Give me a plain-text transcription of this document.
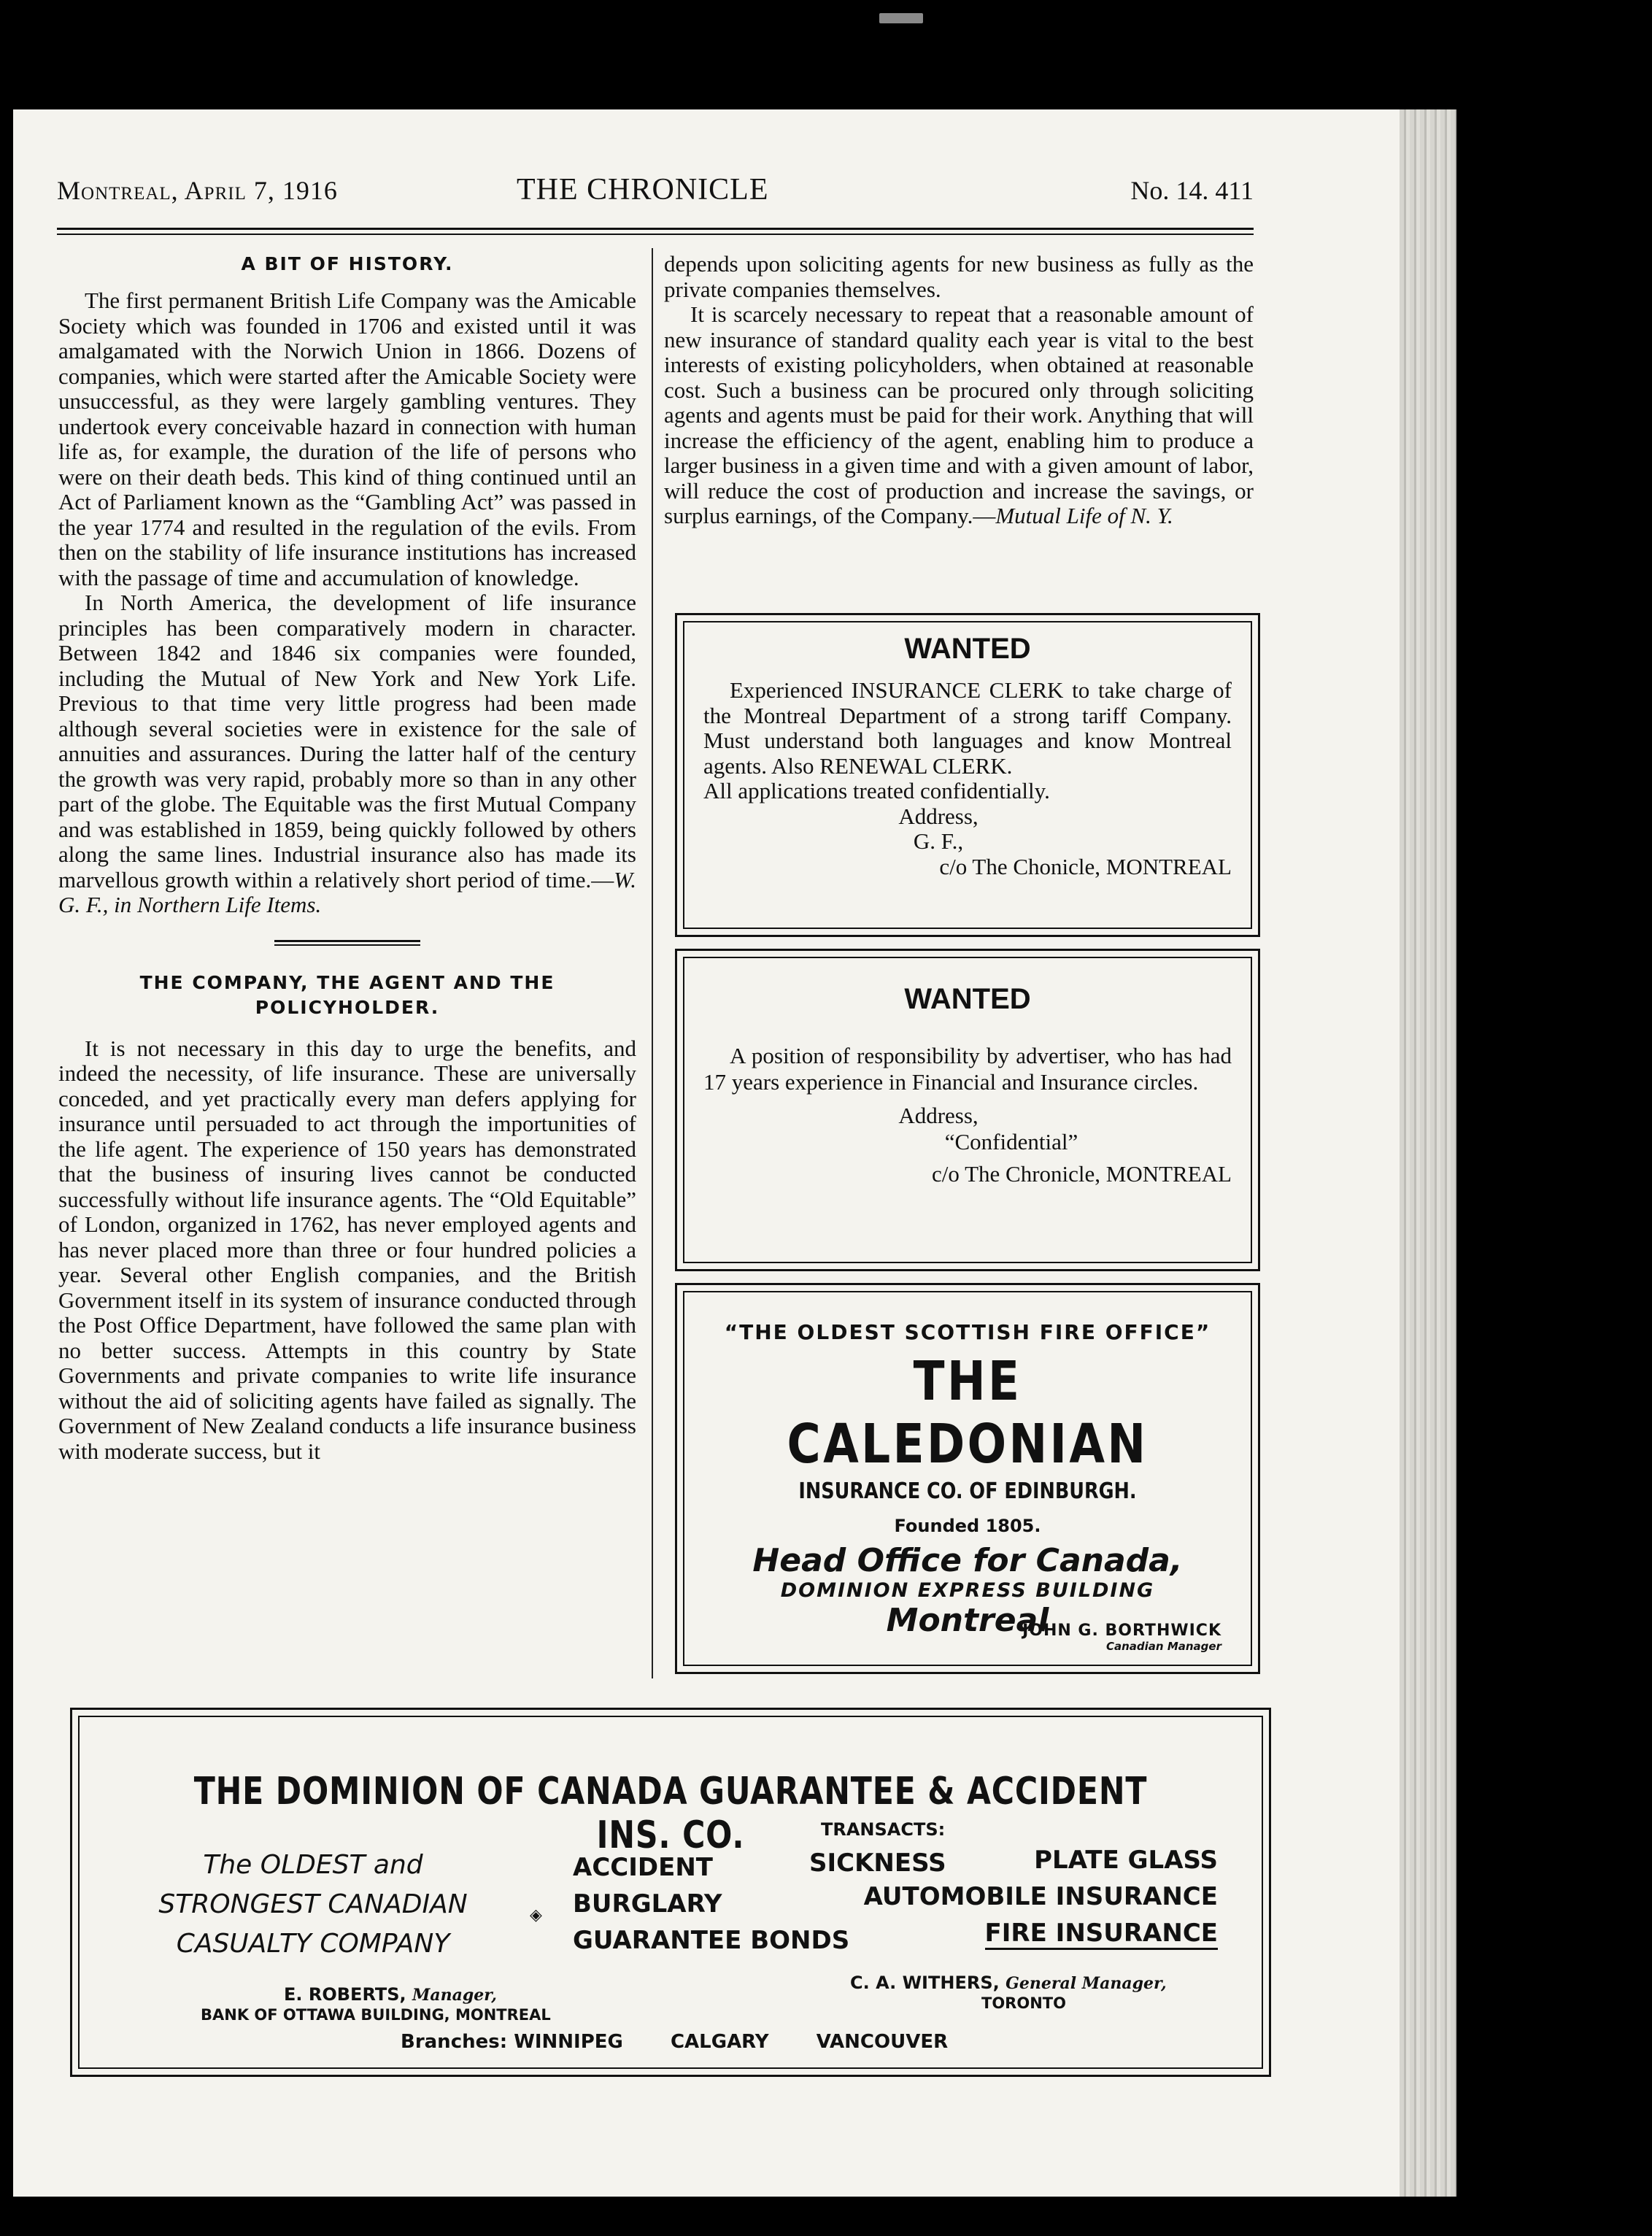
Montreal, April 7, 1916	THE CHRONICLE	No. 14. 411
A BIT OF HISTORY.

The first permanent British Life Company was the Amicable Society which was founded in 1706 and existed until it was amalgamated with the Norwich Union in 1866. Dozens of companies, which were started after the Amicable Society were unsuccessful, as they were largely gambling ventures. They undertook every conceivable hazard in connection with human life as, for example, the duration of the life of persons who were on their death beds. This kind of thing continued until an Act of Parliament known as the “Gambling Act” was passed in the year 1774 and resulted in the regulation of the evils. From then on the stability of life insurance institutions has increased with the passage of time and accumulation of knowledge.

In North America, the development of life insurance principles has been comparatively modern in character. Between 1842 and 1846 six companies were founded, including the Mutual of New York and New York Life. Previous to that time very little progress had been made although several societies were in existence for the sale of annuities and assurances. During the latter half of the century the growth was very rapid, probably more so than in any other part of the globe. The Equitable was the first Mutual Company and was established in 1859, being quickly followed by others along the same lines. Industrial insurance also has made its marvellous growth within a relatively short period of time.—W. G. F., in Northern Life Items.

THE COMPANY, THE AGENT AND THE
POLICYHOLDER.

It is not necessary in this day to urge the benefits, and indeed the necessity, of life insurance. These are universally conceded, and yet practically every man defers applying for insurance until persuaded to act through the importunities of the life agent. The experience of 150 years has demonstrated that the business of insuring lives cannot be conducted successfully without life insurance agents. The “Old Equitable” of London, organized in 1762, has never employed agents and has never placed more than three or four hundred policies a year. Several other English companies, and the British Government itself in its system of insurance conducted through the Post Office Department, have followed the same plan with no better success. Attempts in this country by State Governments and private companies to write life insurance without the aid of soliciting agents have failed as signally. The Government of New Zealand conducts a life insurance business with moderate success, but it

depends upon soliciting agents for new business as fully as the private companies themselves.

It is scarcely necessary to repeat that a reasonable amount of new insurance of standard quality each year is vital to the best interests of existing policyholders, when obtained at reasonable cost. Such a business can be procured only through soliciting agents and agents must be paid for their work. Anything that will increase the efficiency of the agent, enabling him to produce a larger business in a given time and with a given amount of labor, will reduce the cost of production and increase the savings, or surplus earnings, of the Company.—Mutual Life of N. Y.

WANTED
Experienced INSURANCE CLERK to take charge of the Montreal Department of a strong tariff Company. Must understand both languages and know Montreal agents. Also RENEWAL CLERK.
All applications treated confidentially.
Address,
G. F.,
c/o The Chonicle, MONTREAL
WANTED
A position of responsibility by advertiser, who has had 17 years experience in Financial and Insurance circles.
Address,
“Confidential”
c/o The Chronicle, MONTREAL
“THE OLDEST SCOTTISH FIRE OFFICE”
THE CALEDONIAN
INSURANCE CO. OF EDINBURGH.
Founded 1805.
Head Office for Canada,
DOMINION EXPRESS BUILDING
Montreal
JOHN G. BORTHWICK
Canadian Manager
THE DOMINION OF CANADA GUARANTEE & ACCIDENT INS. CO.	TRANSACTS:
The OLDEST and
STRONGEST CANADIAN
CASUALTY COMPANY
◈
ACCIDENT
BURGLARY
GUARANTEE BONDS
SICKNESS	PLATE GLASS
AUTOMOBILE INSURANCE
FIRE INSURANCE
E. ROBERTS, Manager,
BANK OF OTTAWA BUILDING, MONTREAL
C. A. WITHERS, General Manager,
TORONTO
Branches: WINNIPEG	CALGARY	VANCOUVER
